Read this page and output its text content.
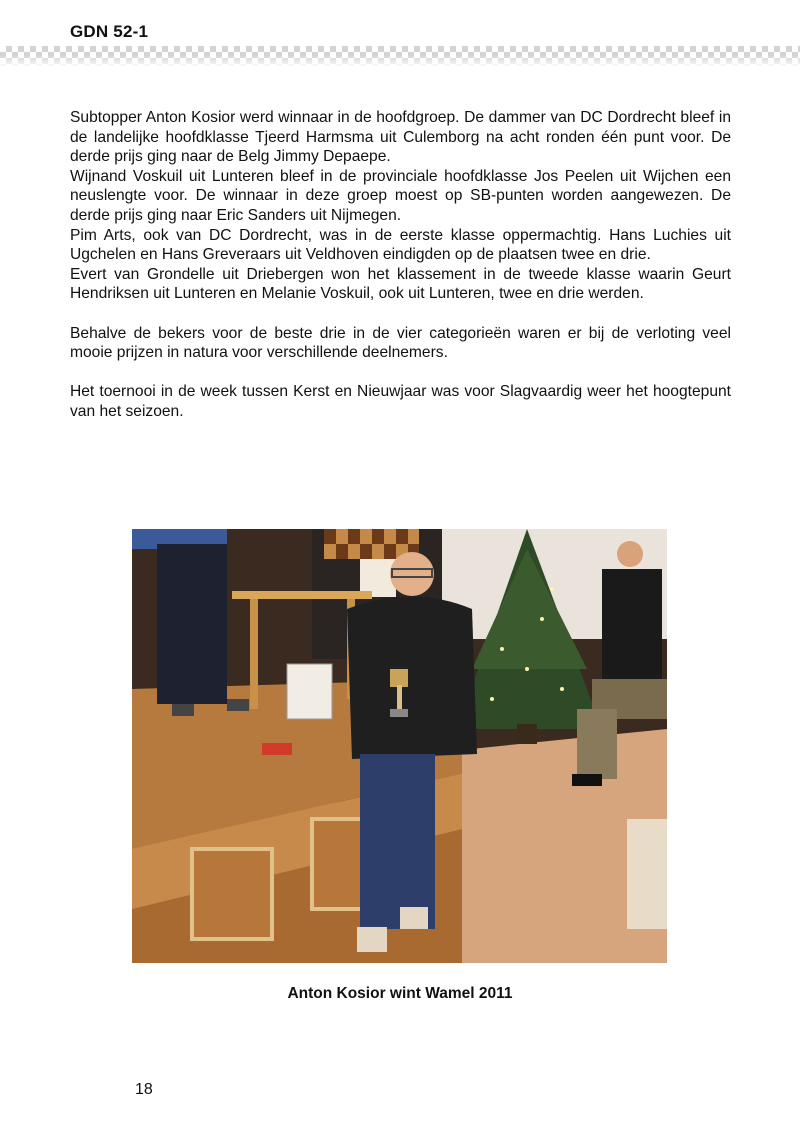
GDN 52-1

Subtopper Anton Kosior werd winnaar in de hoofdgroep. De dammer van DC Dordrecht bleef in de landelijke hoofdklasse Tjeerd Harmsma uit Culemborg na acht ronden één punt voor. De derde prijs ging naar de Belg Jimmy Depaepe.

Wijnand Voskuil uit Lunteren bleef in de provinciale hoofdklasse Jos Peelen uit Wijchen een neuslengte voor. De winnaar in deze groep moest op SB-punten worden aangewezen. De derde prijs ging naar Eric Sanders uit Nijmegen.

Pim Arts, ook van DC Dordrecht, was in de eerste klasse oppermachtig. Hans Luchies uit Ugchelen en Hans Greveraars uit Veldhoven eindigden op de plaatsen twee en drie.

Evert van Grondelle uit Driebergen won het klassement in de tweede klasse waarin Geurt Hendriksen uit Lunteren en Melanie Voskuil, ook uit Lunteren, twee en drie werden.

Behalve de bekers voor de beste drie in de vier categorieën waren er bij de verloting veel mooie prijzen in natura voor verschillende deelnemers.

Het toernooi in de week tussen Kerst en Nieuwjaar was voor Slagvaardig weer het hoogtepunt van het seizoen.

Anton Kosior wint Wamel 2011
18
